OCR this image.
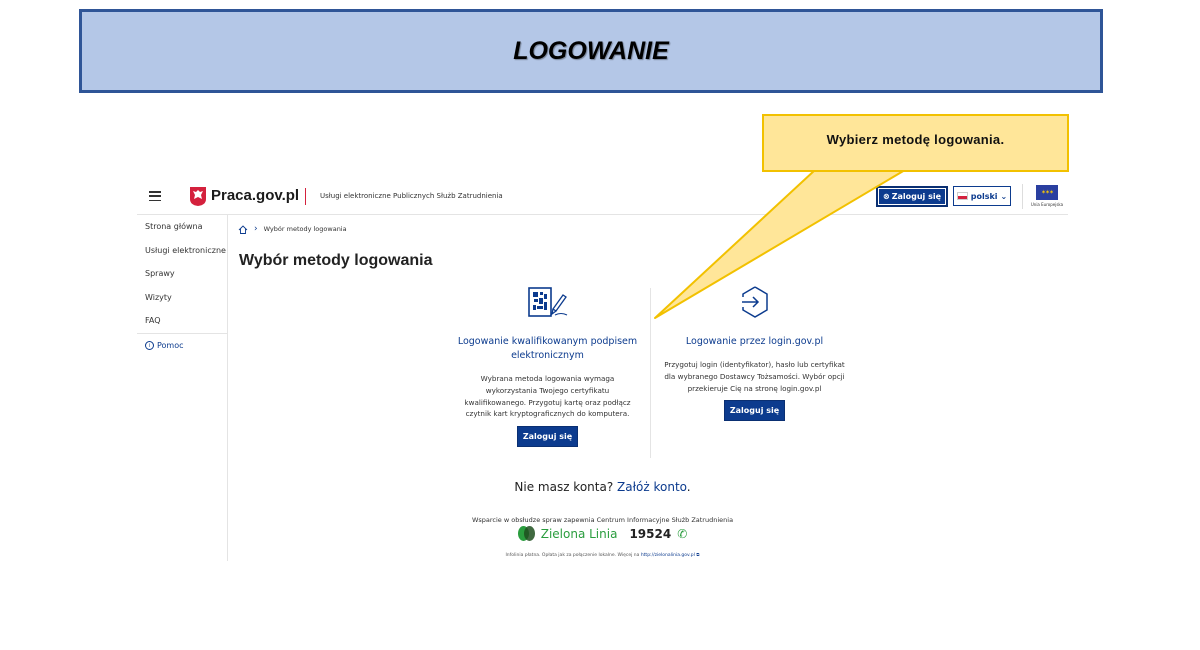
LOGOWANIE
Wybierz metodę logowania.
Praca.gov.pl	Usługi elektroniczne Publicznych Służb Zatrudnienia	⊗ Zaloguj się	polski ⌄	✶✶✶
Unia Europejska
Strona główna
Usługi elektroniczne
Sprawy
Wizyty
FAQ
i Pomoc
› Wybór metody logowania
Wybór metody logowania
Logowanie kwalifikowanym podpisem elektronicznym
Wybrana metoda logowania wymaga wykorzystania Twojego certyfikatu kwalifikowanego. Przygotuj kartę oraz podłącz czytnik kart kryptograficznych do komputera.
Zaloguj się
Logowanie przez login.gov.pl
Przygotuj login (identyfikator), hasło lub certyfikat dla wybranego Dostawcy Tożsamości. Wybór opcji przekieruje Cię na stronę login.gov.pl
Zaloguj się
Nie masz konta? Załóż konto.
Wsparcie w obsłudze spraw zapewnia Centrum Informacyjne Służb Zatrudnienia
Zielona Linia 19524 ✆
Infolinia płatna. Opłata jak za połączenie lokalne. Więcej na http://zielonalinia.gov.pl ⧉
